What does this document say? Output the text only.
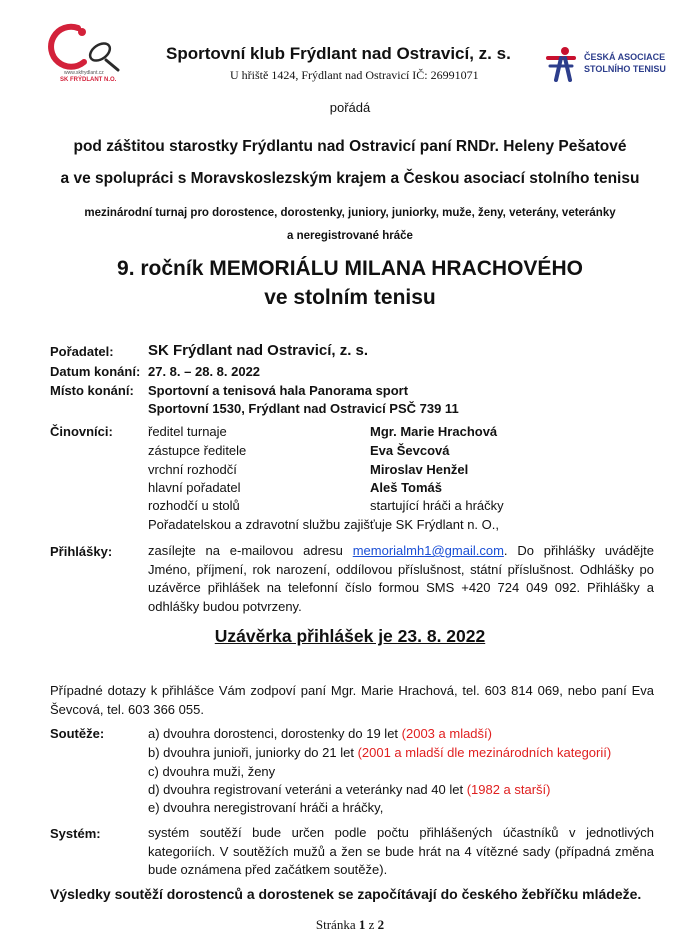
www.skfrydlant.cz
SK FRÝDLANT N.O.
Sportovní klub Frýdlant nad Ostravicí, z. s.
U hřiště 1424, Frýdlant nad Ostravicí IČ: 26991071
ČESKÁ ASOCIACE
STOLNÍHO TENISU
pořádá
pod záštitou starostky Frýdlantu nad Ostravicí paní RNDr. Heleny Pešatové
a ve spolupráci s Moravskoslezským krajem a Českou asociací stolního tenisu
mezinárodní turnaj pro dorostence, dorostenky, juniory, juniorky, muže, ženy, veterány, veteránky
a neregistrované hráče
9. ročník MEMORIÁLU MILANA HRACHOVÉHO
ve stolním tenisu
Pořadatel: SK Frýdlant nad Ostravicí, z. s.
Datum konání: 27. 8. – 28. 8. 2022
Místo konání: Sportovní a tenisová hala Panorama sport
Sportovní 1530, Frýdlant nad Ostravicí PSČ 739 11
Činovníci:	ředitel turnaje	Mgr. Marie Hrachová
zástupce ředitele	Eva Ševcová
vrchní rozhodčí	Miroslav Henžel
hlavní pořadatel	Aleš Tomáš
rozhodčí u stolů	startující hráči a hráčky
Pořadatelskou a zdravotní službu zajišťuje SK Frýdlant n. O.,
Přihlášky:	zasílejte na e-mailovou adresu memorialmh1@gmail.com. Do přihlášky uvádějte Jméno, příjmení, rok narození, oddílovou příslušnost, státní příslušnost. Odhlášky po uzávěrce přihlášek na telefonní číslo formou SMS +420 724 049 092. Přihlášky a odhlášky budou potvrzeny.
Uzávěrka přihlášek je 23. 8. 2022
Případné dotazy k přihlášce Vám zodpoví paní Mgr. Marie Hrachová, tel. 603 814 069, nebo paní Eva Ševcová, tel. 603 366 055.
Soutěže:	a) dvouhra dorostenci, dorostenky do 19 let (2003 a mladší)
b) dvouhra junioři, juniorky do 21 let (2001 a mladší dle mezinárodních kategorií)
c) dvouhra muži, ženy
d) dvouhra registrovaní veteráni a veteránky nad 40 let (1982 a starší)
e) dvouhra neregistrovaní hráči a hráčky,
Systém:	systém soutěží bude určen podle počtu přihlášených účastníků v jednotlivých kategoriích. V soutěžích mužů a žen se bude hrát na 4 vítězné sady (případná změna bude oznámena před začátkem soutěže).
Výsledky soutěží dorostenců a dorostenek se započítávají do českého žebříčku mládeže.
Stránka 1 z 2
